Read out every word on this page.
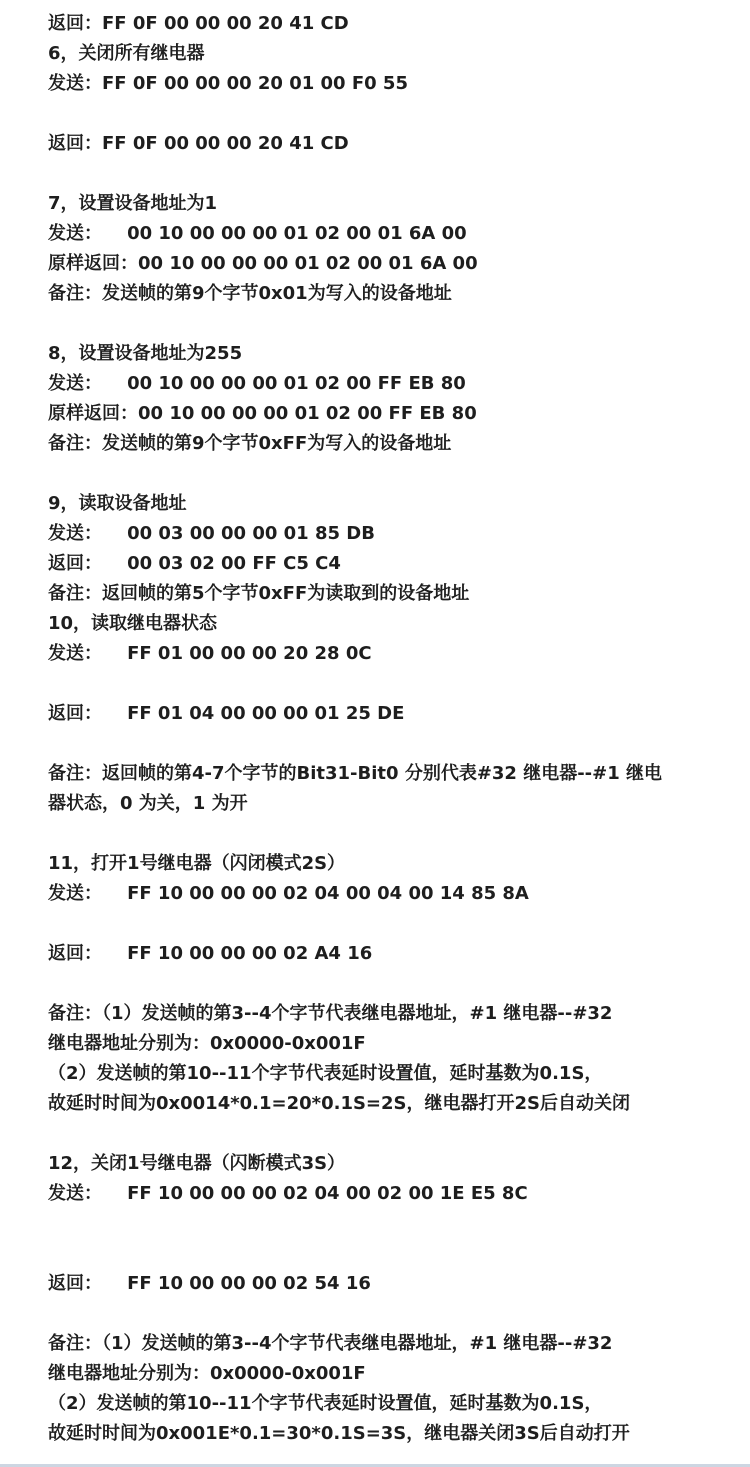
返回：FF 0F 00 00 00 20 41 CD
6，关闭所有继电器
发送：FF 0F 00 00 00 20 01 00 F0 55
返回：FF 0F 00 00 00 20 41 CD
7，设置设备地址为1
发送：    00 10 00 00 00 01 02 00 01 6A 00
原样返回：00 10 00 00 00 01 02 00 01 6A 00
备注：发送帧的第9个字节0x01为写入的设备地址
8，设置设备地址为255
发送：    00 10 00 00 00 01 02 00 FF EB 80
原样返回：00 10 00 00 00 01 02 00 FF EB 80
备注：发送帧的第9个字节0xFF为写入的设备地址
9，读取设备地址
发送：    00 03 00 00 00 01 85 DB
返回：    00 03 02 00 FF C5 C4
备注：返回帧的第5个字节0xFF为读取到的设备地址
10，读取继电器状态
发送：    FF 01 00 00 00 20 28 0C
返回：    FF 01 04 00 00 00 01 25 DE
备注：返回帧的第4-7个字节的Bit31-Bit0 分别代表#32 继电器--#1 继电
器状态，0 为关，1 为开
11，打开1号继电器（闪闭模式2S）
发送：    FF 10 00 00 00 02 04 00 04 00 14 85 8A
返回：    FF 10 00 00 00 02 A4 16
备注：（1）发送帧的第3--4个字节代表继电器地址，#1 继电器--#32
继电器地址分别为：0x0000-0x001F
（2）发送帧的第10--11个字节代表延时设置值，延时基数为0.1S，
故延时时间为0x0014*0.1=20*0.1S=2S，继电器打开2S后自动关闭
12，关闭1号继电器（闪断模式3S）
发送：    FF 10 00 00 00 02 04 00 02 00 1E E5 8C
返回：    FF 10 00 00 00 02 54 16
备注：（1）发送帧的第3--4个字节代表继电器地址，#1 继电器--#32
继电器地址分别为：0x0000-0x001F
（2）发送帧的第10--11个字节代表延时设置值，延时基数为0.1S，
故延时时间为0x001E*0.1=30*0.1S=3S，继电器关闭3S后自动打开
